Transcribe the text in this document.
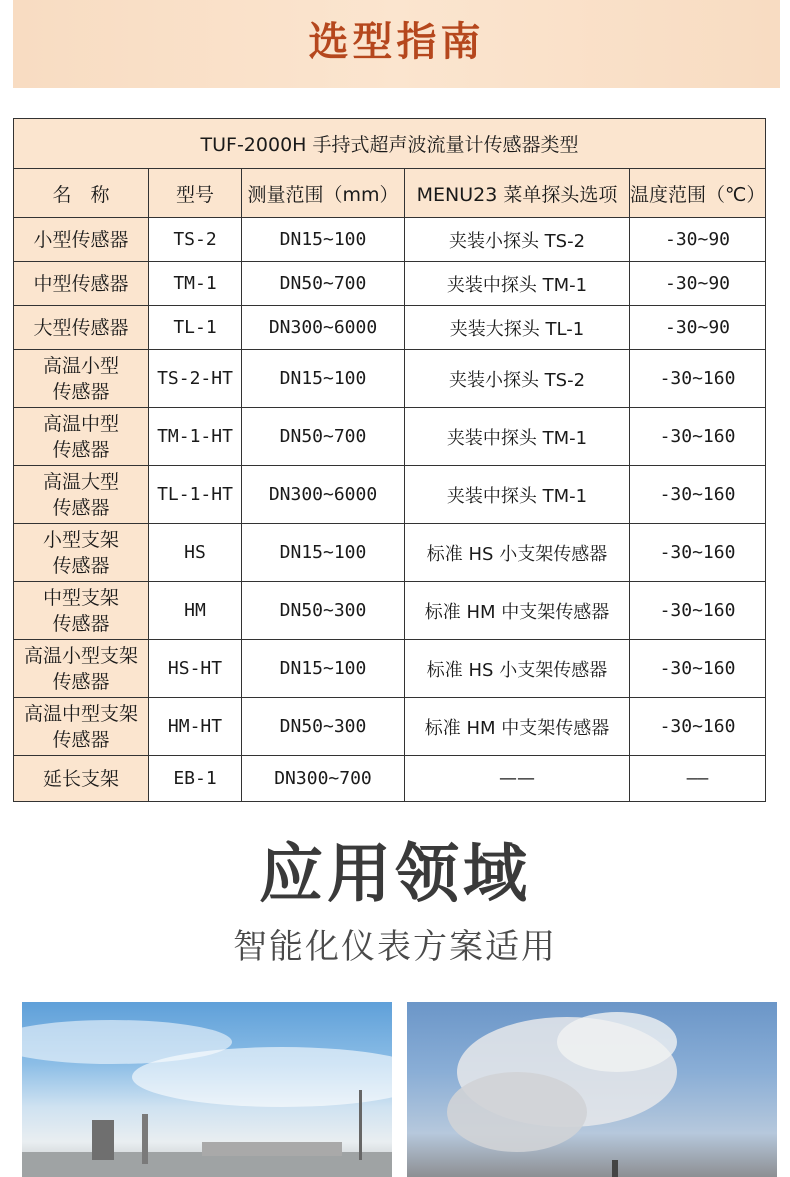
选型指南
TUF-2000H 手持式超声波流量计传感器类型				
名　称	型号	测量范围（mm）	MENU23 菜单探头选项	温度范围（℃）

小型传感器	TS-2	DN15~100	夹装小探头 TS-2	-30~90

中型传感器	TM-1	DN50~700	夹装中探头 TM-1	-30~90

大型传感器	TL-1	DN300~6000	夹装大探头 TL-1	-30~90

高温小型
传感器	TS-2-HT	DN15~100	夹装小探头 TS-2	-30~160

高温中型
传感器	TM-1-HT	DN50~700	夹装中探头 TM-1	-30~160

高温大型
传感器	TL-1-HT	DN300~6000	夹装中探头 TM-1	-30~160

小型支架
传感器	HS	DN15~100	标准 HS 小支架传感器	-30~160

中型支架
传感器	HM	DN50~300	标准 HM 中支架传感器	-30~160

高温小型支架
传感器	HS-HT	DN15~100	标准 HS 小支架传感器	-30~160

高温中型支架
传感器	HM-HT	DN50~300	标准 HM 中支架传感器	-30~160

延长支架	EB-1	DN300~700	——	——
应用领域
智能化仪表方案适用
